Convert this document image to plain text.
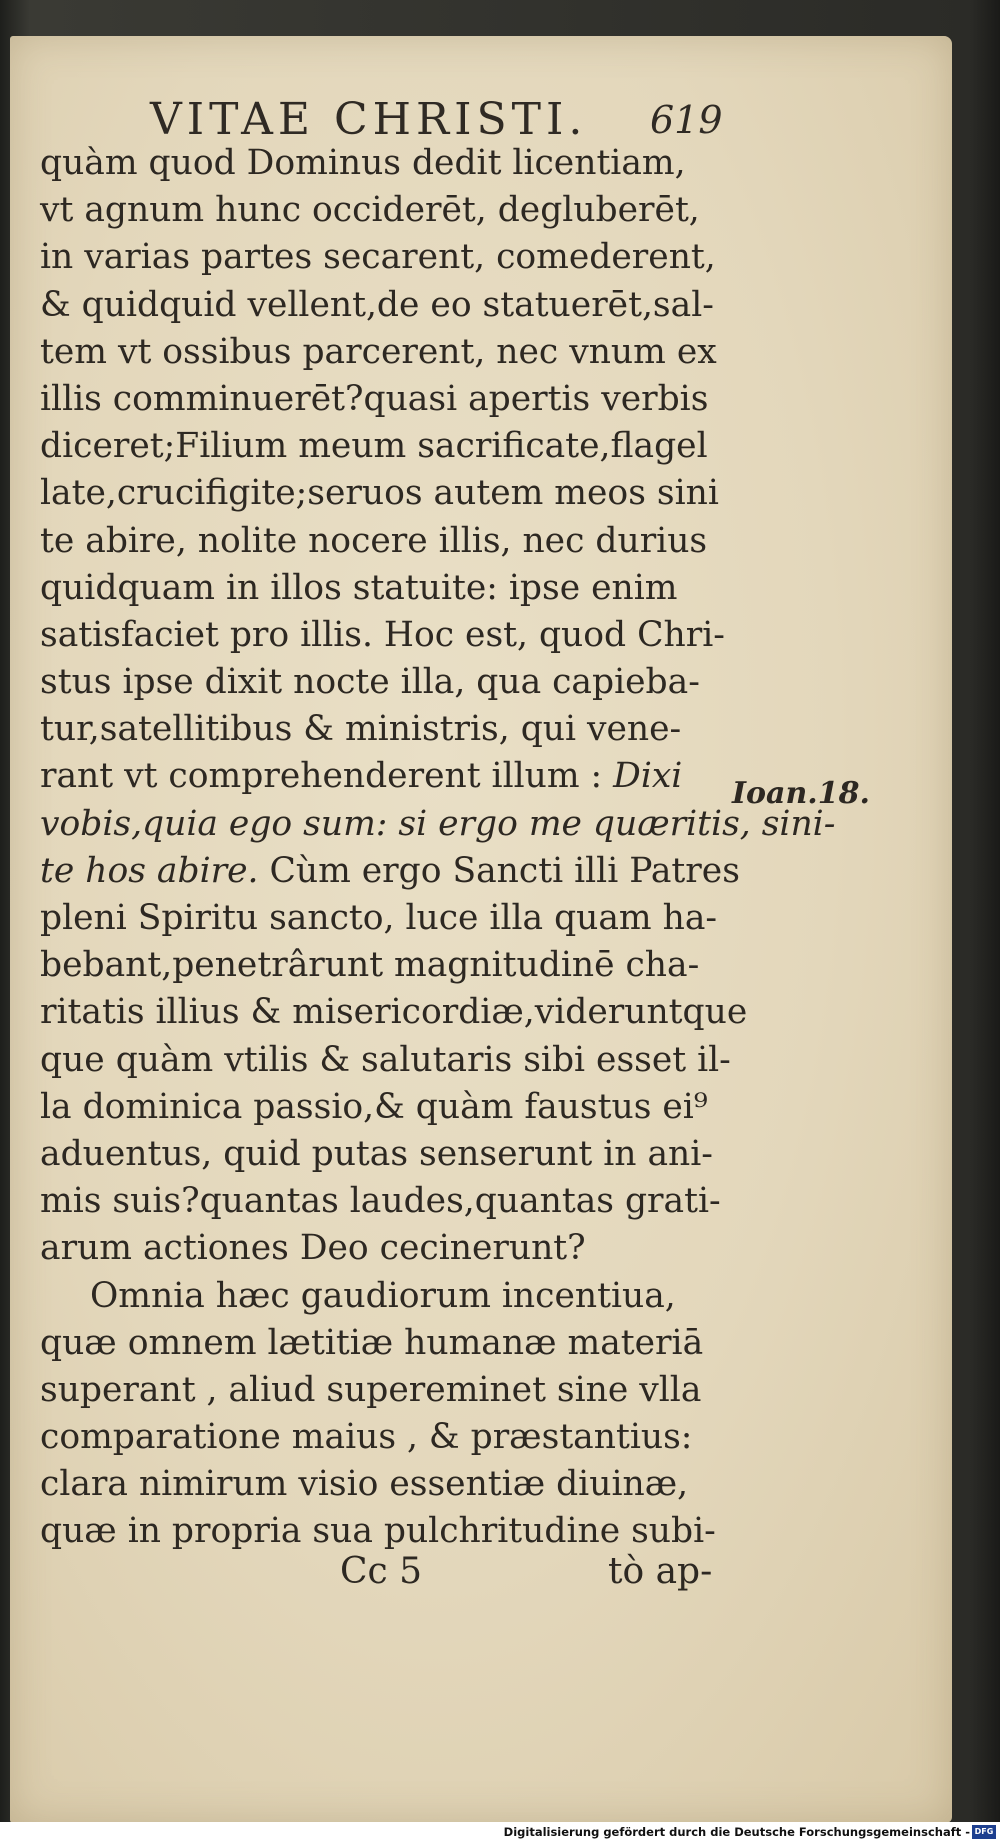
VITAE CHRISTI.	619
quàm quod Dominus dedit licentiam,
vt agnum hunc occiderēt, degluberēt,
in varias partes secarent, comederent,
& quidquid vellent,de eo statuerēt,sal-
tem vt ossibus parcerent, nec vnum ex
illis comminuerēt?quasi apertis verbis
diceret;Filium meum sacrificate,flagel
late,crucifigite;seruos autem meos sini
te abire, nolite nocere illis, nec durius
quidquam in illos statuite: ipse enim
satisfaciet pro illis. Hoc est, quod Chri-
stus ipse dixit nocte illa, qua capieba-
tur,satellitibus & ministris, qui vene-
rant vt comprehenderent illum : Dixi
vobis,quia ego sum: si ergo me quæritis, sini-
te hos abire. Cùm ergo Sancti illi Patres
pleni Spiritu sancto, luce illa quam ha-
bebant,penetrârunt magnitudinē cha-
ritatis illius & misericordiæ,videruntque
que quàm vtilis & salutaris sibi esset il-
la dominica passio,& quàm faustus ei⁹
aduentus, quid putas senserunt in ani-
mis suis?quantas laudes,quantas grati-
arum actiones Deo cecinerunt?
Omnia hæc gaudiorum incentiua,
quæ omnem lætitiæ humanæ materiā
superant , aliud supereminet sine vlla
comparatione maius , & præstantius:
clara nimirum visio essentiæ diuinæ,
quæ in propria sua pulchritudine subi-
Ioan.18.
Cc 5	tò ap-
Digitalisierung gefördert durch die Deutsche Forschungsgemeinschaft - DFG
